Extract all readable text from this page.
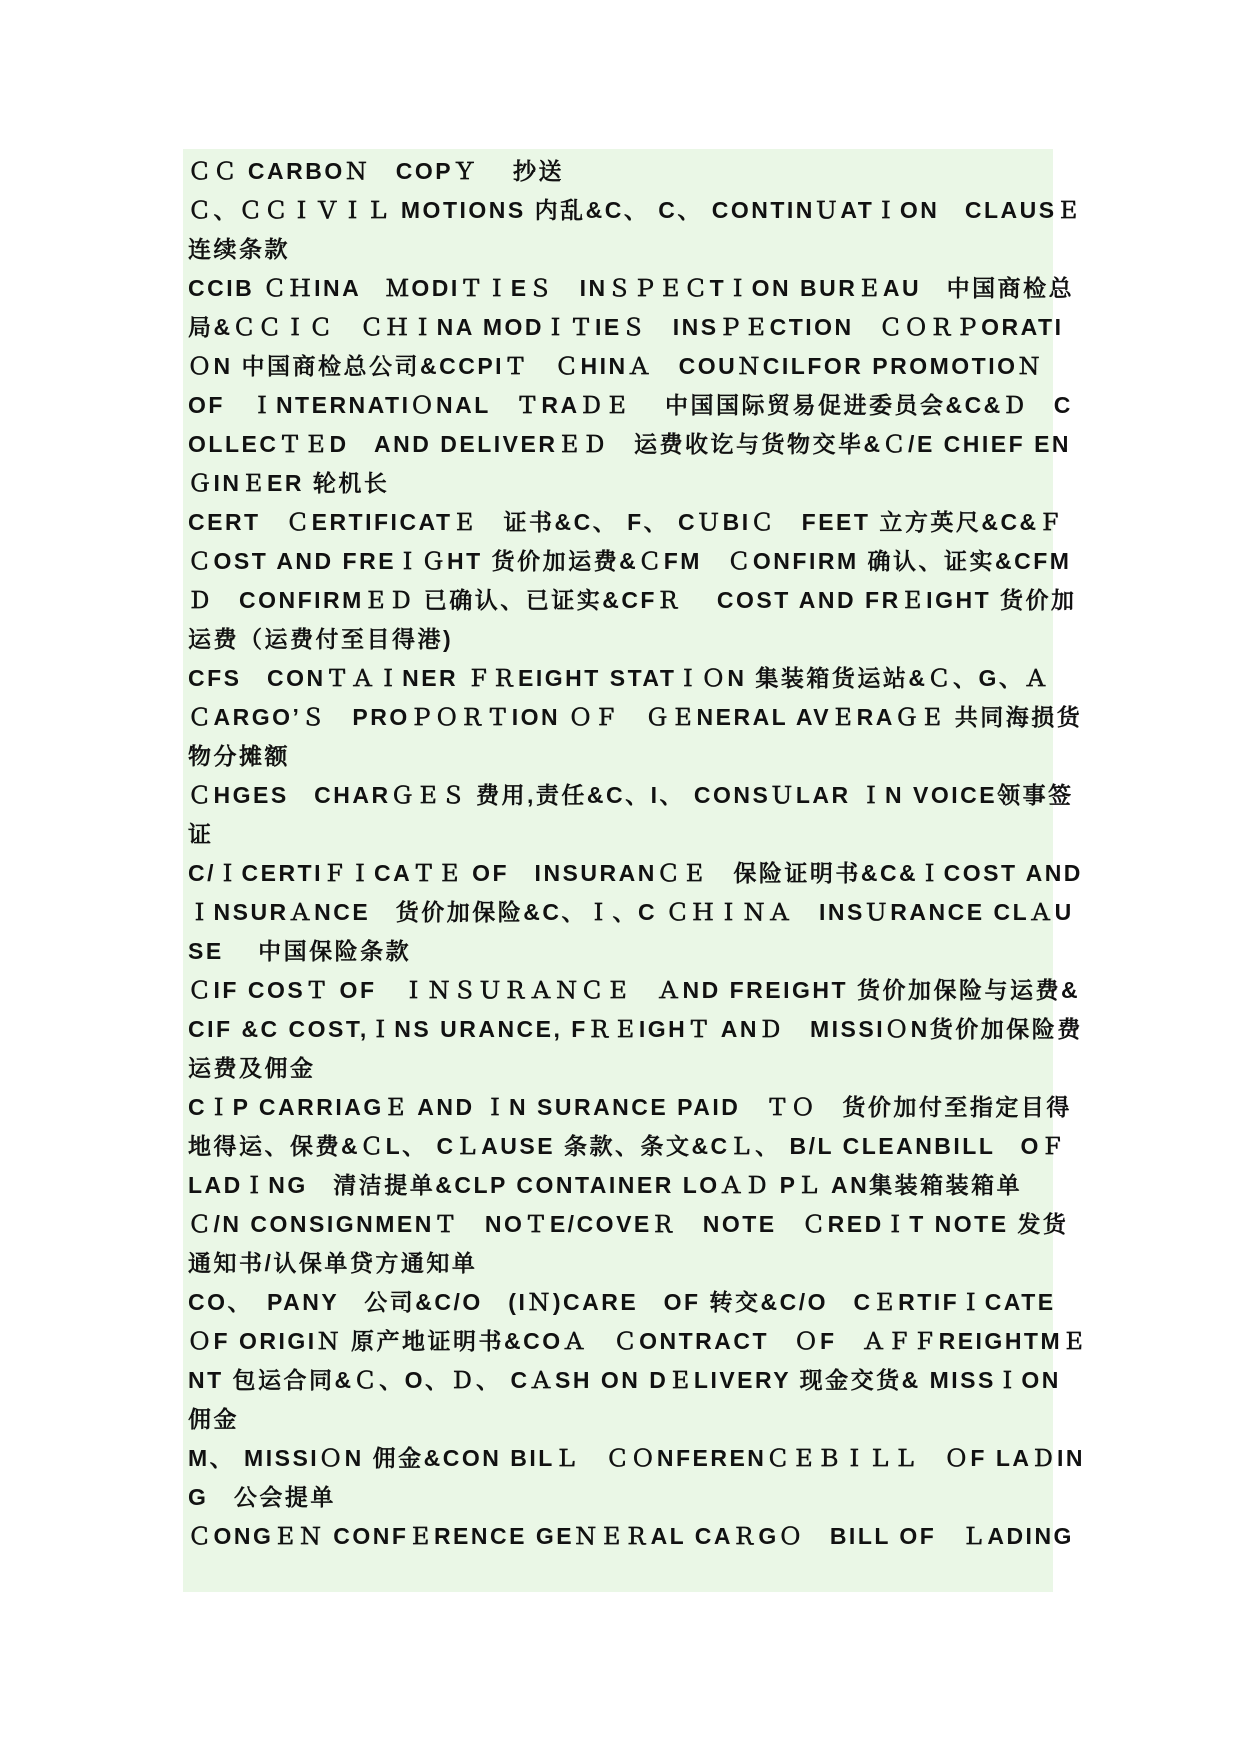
ＣＣ CARBOＮ　COPＹ　 抄送

Ｃ、ＣＣＩＶＩＬ MOTIONS 内乱&C、 C、 CONTINＵATＩON　CLAUSＥ 连续条款

CCIB ＣＨINA　ＭODIＴＩEＳ　INＳＰＥＣTＩON BURＥAU　中国商检总局&ＣＣＩＣ　ＣＨＩNA MODＩＴIEＳ　INSＰＥCTION　ＣＯＲＰORATIＯN 中国商检总公司&CCPIＴ　ＣHINＡ　COUＮCILFOR PROMOTIOＮ　OF　ＩNTERNATIＯNAL　ＴRAＤＥ　 中国国际贸易促进委员会&C&Ｄ　COLLECＴＥD　AND DELIVERＥＤ　运费收讫与货物交毕&Ｃ/E CHIEF ENＧINＥER 轮机长

CERT　ＣERTIFICATＥ　证书&C、 F、 CＵBIＣ　FEET 立方英尺&C&Ｆ　ＣOST AND FREＩＧHT 货价加运费&ＣFM　ＣONFIRM 确认、证实&CFMＤ　CONFIRMＥＤ 已确认、已证实&CFＲ　 COST AND FRＥIGHT 货价加运费（运费付至目得港)

CFS　CONＴＡＩNER ＦＲEIGHT STATＩＯN 集装箱货运站&Ｃ、G、Ａ　ＣARGO’Ｓ　PROＰＯＲＴION ＯＦ　ＧＥNERAL AVＥRAＧＥ 共同海损货物分摊额

ＣHGES　CHARＧＥＳ 费用,责任&C、I、 CONSＵLAR ＩN VOICE领事签证

C/ＩCERTIＦＩCAＴＥ OF　INSURANＣＥ　保险证明书&C&ＩCOST AND ＩNSURＡNCE　货价加保险&C、Ｉ、C ＣＨＩＮＡ　INSＵRANCE CLＡUSE　 中国保险条款

ＣIF COSＴ OF　ＩＮＳＵＲＡＮＣＥ　ＡND FREIGHT 货价加保险与运费&CIF &C COST,ＩNS URANCE, FＲＥIGHＴ ANＤ　MISSIＯN货价加保险费运费及佣金

CＩP CARRIAGＥ AND ＩN SURANCE PAID　ＴＯ　货价加付至指定目得地得运、保费&ＣL、 CＬAUSE 条款、条文&CＬ、 B/L CLEANBILL　OＦ　LADＩNG　清洁提单&CLP CONTAINER LOＡＤ PＬ AN集装箱装箱单

Ｃ/N CONSIGNMENＴ　NOＴE/COVEＲ　NOTE　ＣREDＩT NOTE 发货通知书/认保单贷方通知单

CO、　PANY　公司&C/O　(IＮ)CARE　OF 转交&C/O　CＥRTIFＩCATE　ＯF ORIGIＮ 原产地证明书&COＡ　ＣONTRACT　ＯF　ＡＦＦREIGHTMＥNT 包运合同&Ｃ、O、Ｄ、 CＡSH ON DＥLIVERY 现金交货& MISSＩON 佣金

M、 MISSIＯN 佣金&CON BILＬ　ＣＯNFERENＣＥＢＩＬＬ　ＯF LAＤING　公会提单

ＣONGＥＮ CONFＥRENCE GEＮＥＲAL CAＲGＯ　BILL OF　ＬADING
